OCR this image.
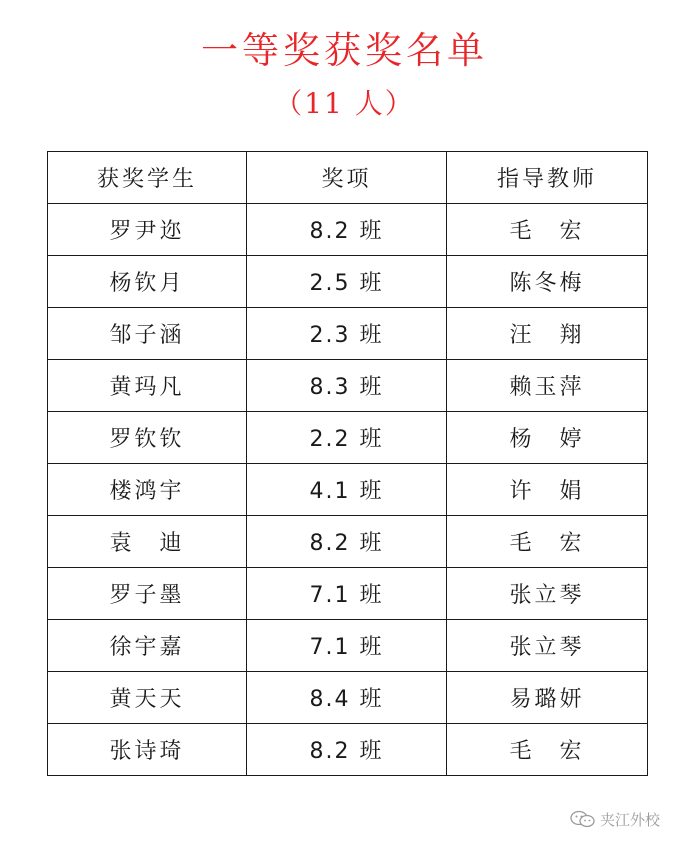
一等奖获奖名单
（11 人）
获奖学生	奖项	指导教师
罗尹迩	8.2 班	毛　宏
杨钦月	2.5 班	陈冬梅
邹子涵	2.3 班	汪　翔
黄玛凡	8.3 班	赖玉萍
罗钦钦	2.2 班	杨　婷
楼鸿宇	4.1 班	许　娟
袁　迪	8.2 班	毛　宏
罗子墨	7.1 班	张立琴
徐宇嘉	7.1 班	张立琴
黄天天	8.4 班	易璐妍
张诗琦	8.2 班	毛　宏
夹江外校
